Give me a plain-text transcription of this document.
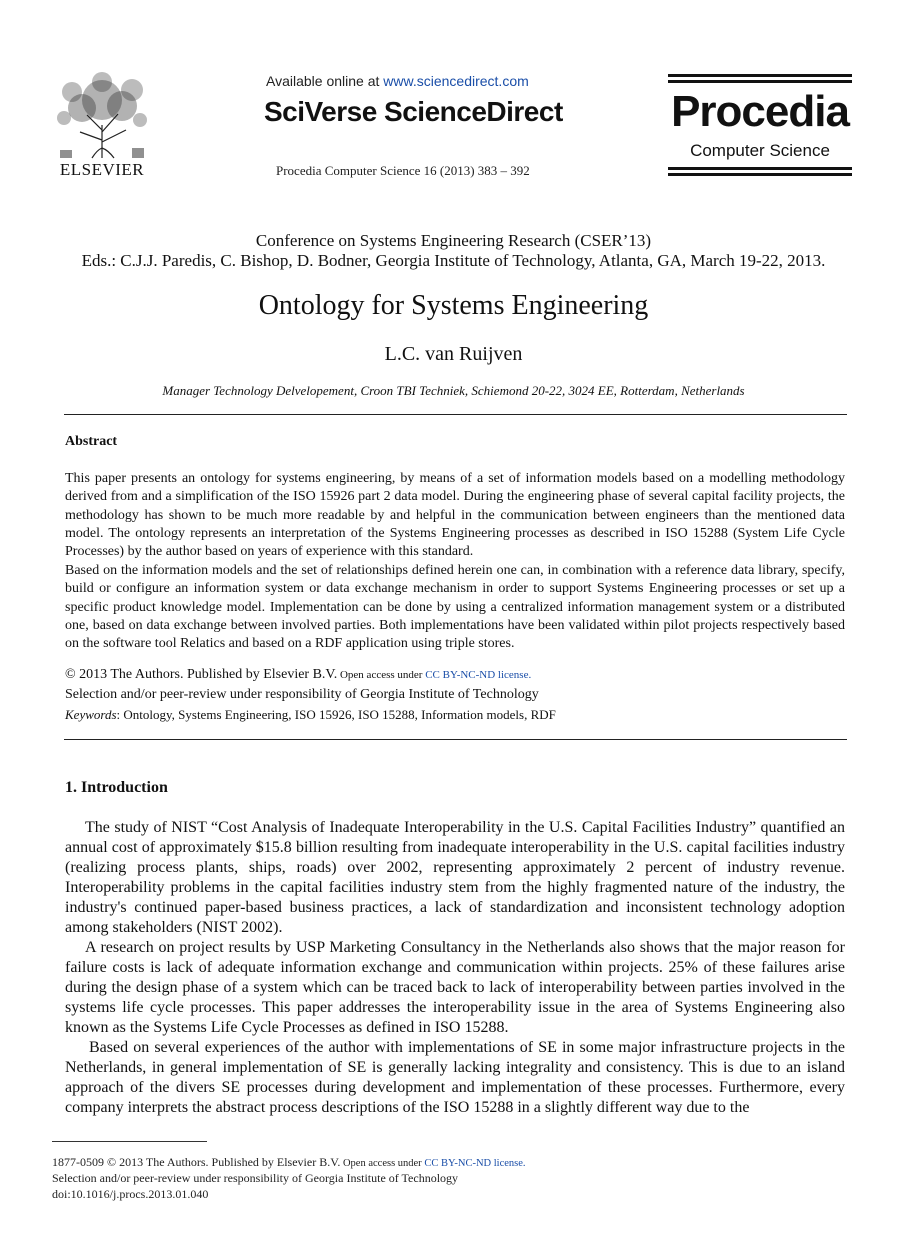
ELSEVIER
Available online at www.sciencedirect.com
SciVerse ScienceDirect
Procedia Computer Science 16 (2013) 383 – 392
Procedia
Computer Science
Conference on Systems Engineering Research (CSER’13)
Eds.: C.J.J. Paredis, C. Bishop, D. Bodner, Georgia Institute of Technology, Atlanta, GA, March 19-22, 2013.
Ontology for Systems Engineering
L.C. van Ruijven
Manager Technology Delvelopement, Croon TBI Techniek, Schiemond 20-22, 3024 EE, Rotterdam, Netherlands
Abstract
This paper presents an ontology for systems engineering, by means of a set of information models based on a modelling methodology derived from and a simplification of the ISO 15926 part 2 data model. During the engineering phase of several capital facility projects, the methodology has shown to be much more readable by and helpful in the communication between engineers than the mentioned data model. The ontology represents an interpretation of the Systems Engineering processes as described in ISO 15288 (System Life Cycle Processes) by the author based on years of experience with this standard.
Based on the information models and the set of relationships defined herein one can, in combination with a reference data library, specify, build or configure an information system or data exchange mechanism in order to support Systems Engineering processes or set up a specific product knowledge model. Implementation can be done by using a centralized information management system or a distributed one, based on data exchange between involved parties. Both implementations have been validated within pilot projects respectively based on the software tool Relatics and based on a RDF application using triple stores.
© 2013 The Authors. Published by Elsevier B.V. Open access under CC BY-NC-ND license.
Selection and/or peer-review under responsibility of Georgia Institute of Technology
Keywords: Ontology, Systems Engineering, ISO 15926, ISO 15288, Information models, RDF
1. Introduction
The study of NIST “Cost Analysis of Inadequate Interoperability in the U.S. Capital Facilities Industry” quantified an annual cost of approximately $15.8 billion resulting from inadequate interoperability in the U.S. capital facilities industry (realizing process plants, ships, roads) over 2002, representing approximately 2 percent of industry revenue. Interoperability problems in the capital facilities industry stem from the highly fragmented nature of the industry, the industry's continued paper-based business practices, a lack of standardization and inconsistent technology adoption among stakeholders (NIST 2002).
A research on project results by USP Marketing Consultancy in the Netherlands also shows that the major reason for failure costs is lack of adequate information exchange and communication within projects. 25% of these failures arise during the design phase of a system which can be traced back to lack of interoperability between parties involved in the systems life cycle processes. This paper addresses the interoperability issue in the area of Systems Engineering also known as the Systems Life Cycle Processes as defined in ISO 15288.
Based on several experiences of the author with implementations of SE in some major infrastructure projects in the Netherlands, in general implementation of SE is generally lacking integrality and consistency. This is due to an island approach of the divers SE processes during development and implementation of these processes. Furthermore, every company interprets the abstract process descriptions of the ISO 15288 in a slightly different way due to the
1877-0509 © 2013 The Authors. Published by Elsevier B.V. Open access under CC BY-NC-ND license.
Selection and/or peer-review under responsibility of Georgia Institute of Technology
doi:10.1016/j.procs.2013.01.040
